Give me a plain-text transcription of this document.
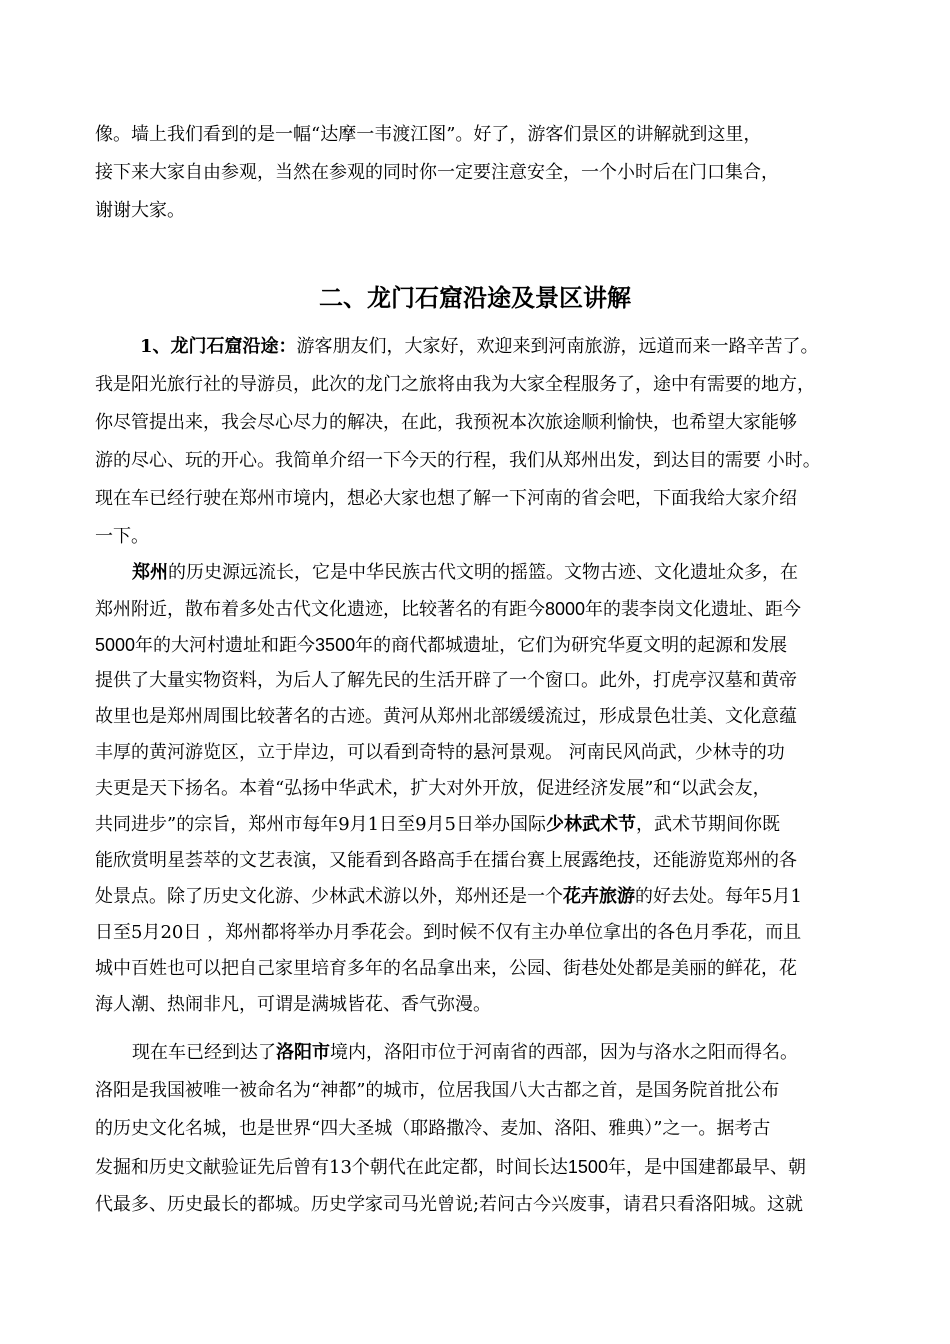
像。墙上我们看到的是一幅“达摩一韦渡江图”。好了，游客们景区的讲解就到这里，
接下来大家自由参观，当然在参观的同时你一定要注意安全，一个小时后在门口集合，
谢谢大家。
二、龙门石窟沿途及景区讲解
1、龙门石窟沿途：游客朋友们，大家好，欢迎来到河南旅游，远道而来一路辛苦了。
我是阳光旅行社的导游员，此次的龙门之旅将由我为大家全程服务了，途中有需要的地方，
你尽管提出来，我会尽心尽力的解决，在此，我预祝本次旅途顺利愉快，也希望大家能够
游的尽心、玩的开心。我简单介绍一下今天的行程，我们从郑州出发，到达目的需要 小时。
现在车已经行驶在郑州市境内，想必大家也想了解一下河南的省会吧，下面我给大家介绍
一下。
郑州的历史源远流长，它是中华民族古代文明的摇篮。文物古迹、文化遗址众多，在
郑州附近，散布着多处古代文化遗迹，比较著名的有距今8000年的裴李岗文化遗址、距今
5000年的大河村遗址和距今3500年的商代都城遗址，它们为研究华夏文明的起源和发展
提供了大量实物资料，为后人了解先民的生活开辟了一个窗口。此外，打虎亭汉墓和黄帝
故里也是郑州周围比较著名的古迹。黄河从郑州北部缓缓流过，形成景色壮美、文化意蕴
丰厚的黄河游览区，立于岸边，可以看到奇特的悬河景观。 河南民风尚武，少林寺的功
夫更是天下扬名。本着“弘扬中华武术，扩大对外开放，促进经济发展”和“以武会友，
共同进步”的宗旨，郑州市每年9月1日至9月5日举办国际少林武术节，武术节期间你既
能欣赏明星荟萃的文艺表演，又能看到各路高手在擂台赛上展露绝技，还能游览郑州的各
处景点。除了历史文化游、少林武术游以外，郑州还是一个花卉旅游的好去处。每年5月1
日至5月20日 ，郑州都将举办月季花会。到时候不仅有主办单位拿出的各色月季花，而且
城中百姓也可以把自己家里培育多年的名品拿出来，公园、街巷处处都是美丽的鲜花，花
海人潮、热闹非凡，可谓是满城皆花、香气弥漫。
现在车已经到达了洛阳市境内，洛阳市位于河南省的西部，因为与洛水之阳而得名。
洛阳是我国被唯一被命名为“神都”的城市，位居我国八大古都之首，是国务院首批公布
的历史文化名城，也是世界“四大圣城（耶路撒冷、麦加、洛阳、雅典）”之一。据考古
发掘和历史文献验证先后曾有13个朝代在此定都，时间长达1500年，是中国建都最早、朝
代最多、历史最长的都城。历史学家司马光曾说;若问古今兴废事，请君只看洛阳城。这就
